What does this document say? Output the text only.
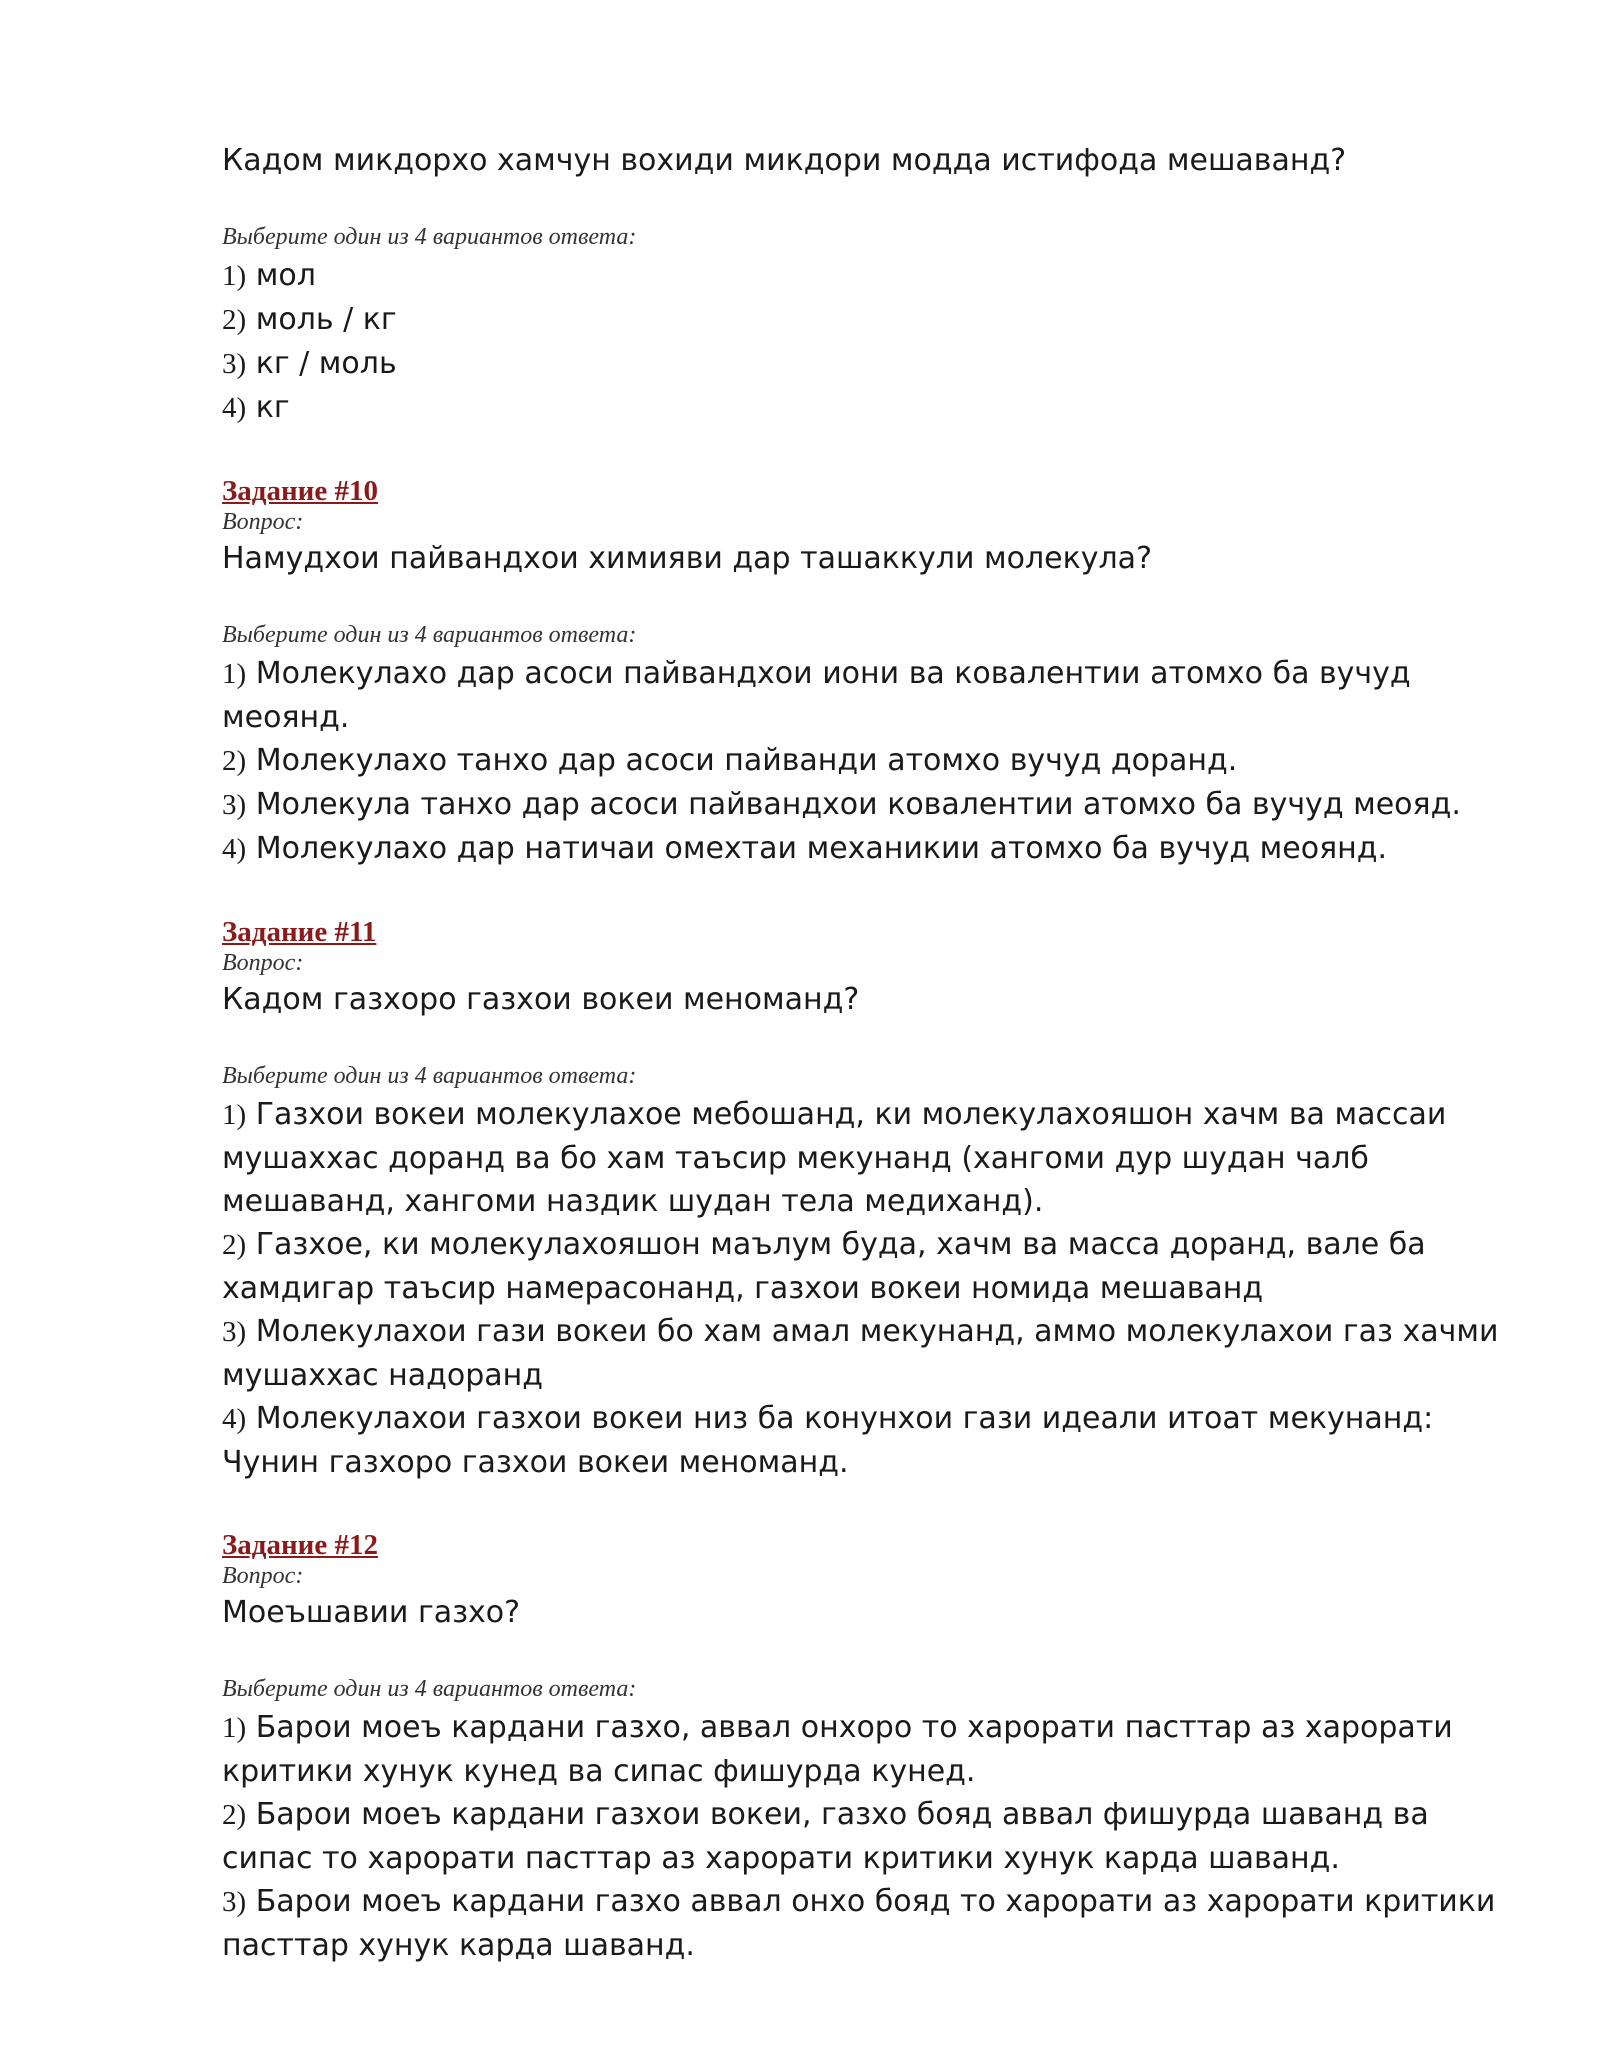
Кадом микдорхо хамчун вохиди микдори модда истифода мешаванд?

Выберите один из 4 вариантов ответа:

1) мол
2) моль / кг
3) кг / моль
4) кг

Задание #10

Вопрос:

Намудхои пайвандхои химияви дар ташаккули молекула?

Выберите один из 4 вариантов ответа:

1) Молекулахо дар асоси пайвандхои иони ва ковалентии атомхо ба вучуд меоянд.
2) Молекулахо танхо дар асоси пайванди атомхо вучуд доранд.
3) Молекула танхо дар асоси пайвандхои ковалентии атомхо ба вучуд меояд.
4) Молекулахо дар натичаи омехтаи механикии атомхо ба вучуд меоянд.

Задание #11

Вопрос:

Кадом газхоро газхои вокеи меноманд?

Выберите один из 4 вариантов ответа:

1) Газхои вокеи молекулахое мебошанд, ки молекулахояшон хачм ва массаи мушаххас доранд ва бо хам таъсир мекунанд (хангоми дур шудан чалб мешаванд, хангоми наздик шудан тела медиханд).
2) Газхое, ки молекулахояшон маълум буда, хачм ва масса доранд, вале ба хамдигар таъсир намерасонанд, газхои вокеи номида мешаванд
3) Молекулахои гази вокеи бо хам амал мекунанд, аммо молекулахои газ хачми мушаххас надоранд
4) Молекулахои газхои вокеи низ ба конунхои гази идеали итоат мекунанд: Чунин газхоро газхои вокеи меноманд.

Задание #12

Вопрос:

Моеъшавии газхо?

Выберите один из 4 вариантов ответа:

1) Барои моеъ кардани газхо, аввал онхоро то харорати пасттар аз харорати критики хунук кунед ва сипас фишурда кунед.
2) Барои моеъ кардани газхои вокеи, газхо бояд аввал фишурда шаванд ва сипас то харорати пасттар аз харорати критики хунук карда шаванд.
3) Барои моеъ кардани газхо аввал онхо бояд то харорати аз харорати критики пасттар хунук карда шаванд.
